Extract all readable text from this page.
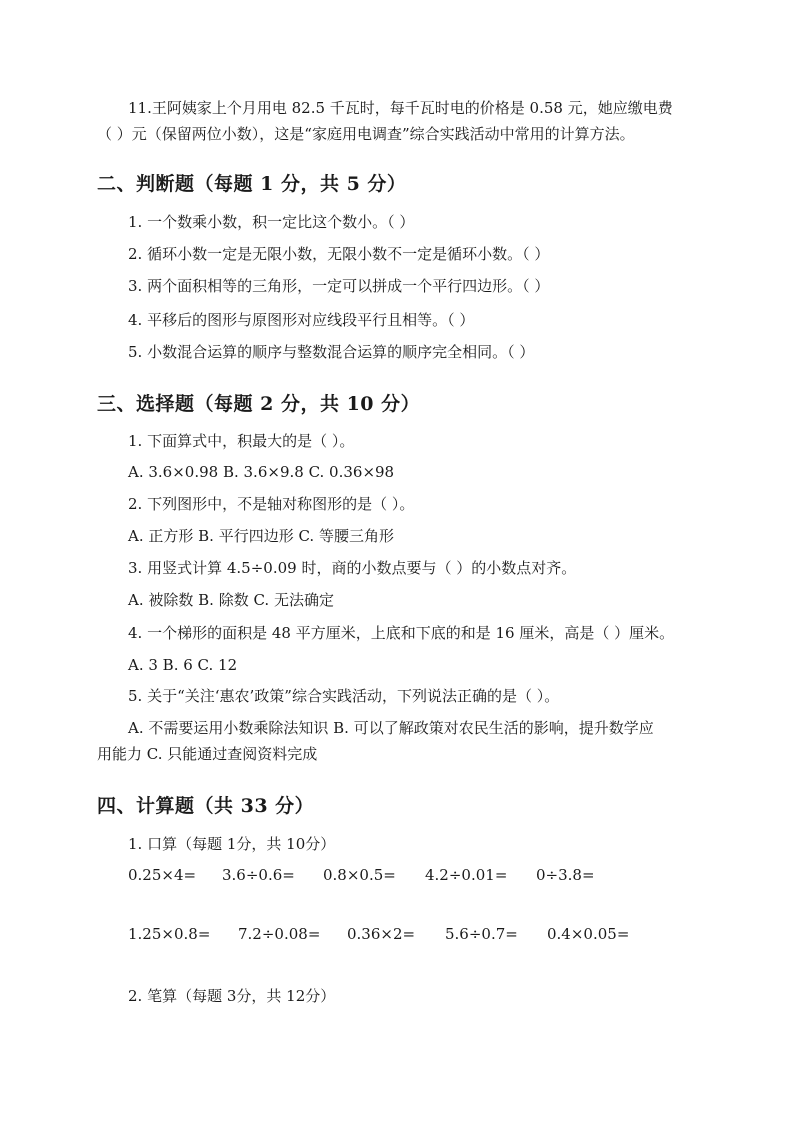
11.王阿姨家上个月用电 82.5 千瓦时，每千瓦时电的价格是 0.58 元，她应缴电费
（ ）元（保留两位小数），这是“家庭用电调查”综合实践活动中常用的计算方法。
二、判断题（每题 1 分，共 5 分）
1. 一个数乘小数，积一定比这个数小。（ ）
2. 循环小数一定是无限小数，无限小数不一定是循环小数。（ ）
3. 两个面积相等的三角形，一定可以拼成一个平行四边形。（ ）
4. 平移后的图形与原图形对应线段平行且相等。（ ）
5. 小数混合运算的顺序与整数混合运算的顺序完全相同。（ ）
三、选择题（每题 2 分，共 10 分）
1. 下面算式中，积最大的是（ ）。
A. 3.6×0.98 B. 3.6×9.8 C. 0.36×98
2. 下列图形中，不是轴对称图形的是（ ）。
A. 正方形 B. 平行四边形 C. 等腰三角形
3. 用竖式计算 4.5÷0.09 时，商的小数点要与（ ）的小数点对齐。
A. 被除数 B. 除数 C. 无法确定
4. 一个梯形的面积是 48 平方厘米，上底和下底的和是 16 厘米，高是（ ）厘米。
A. 3 B. 6 C. 12
5. 关于“关注‘惠农’政策”综合实践活动，下列说法正确的是（ ）。
A. 不需要运用小数乘除法知识 B. 可以了解政策对农民生活的影响，提升数学应
用能力 C. 只能通过查阅资料完成
四、计算题（共 33 分）
1. 口算（每题 1分，共 10分）
0.25×4= 3.6÷0.6= 0.8×0.5= 4.2÷0.01= 0÷3.8=
1.25×0.8= 7.2÷0.08= 0.36×2= 5.6÷0.7= 0.4×0.05=
2. 笔算（每题 3分，共 12分）
